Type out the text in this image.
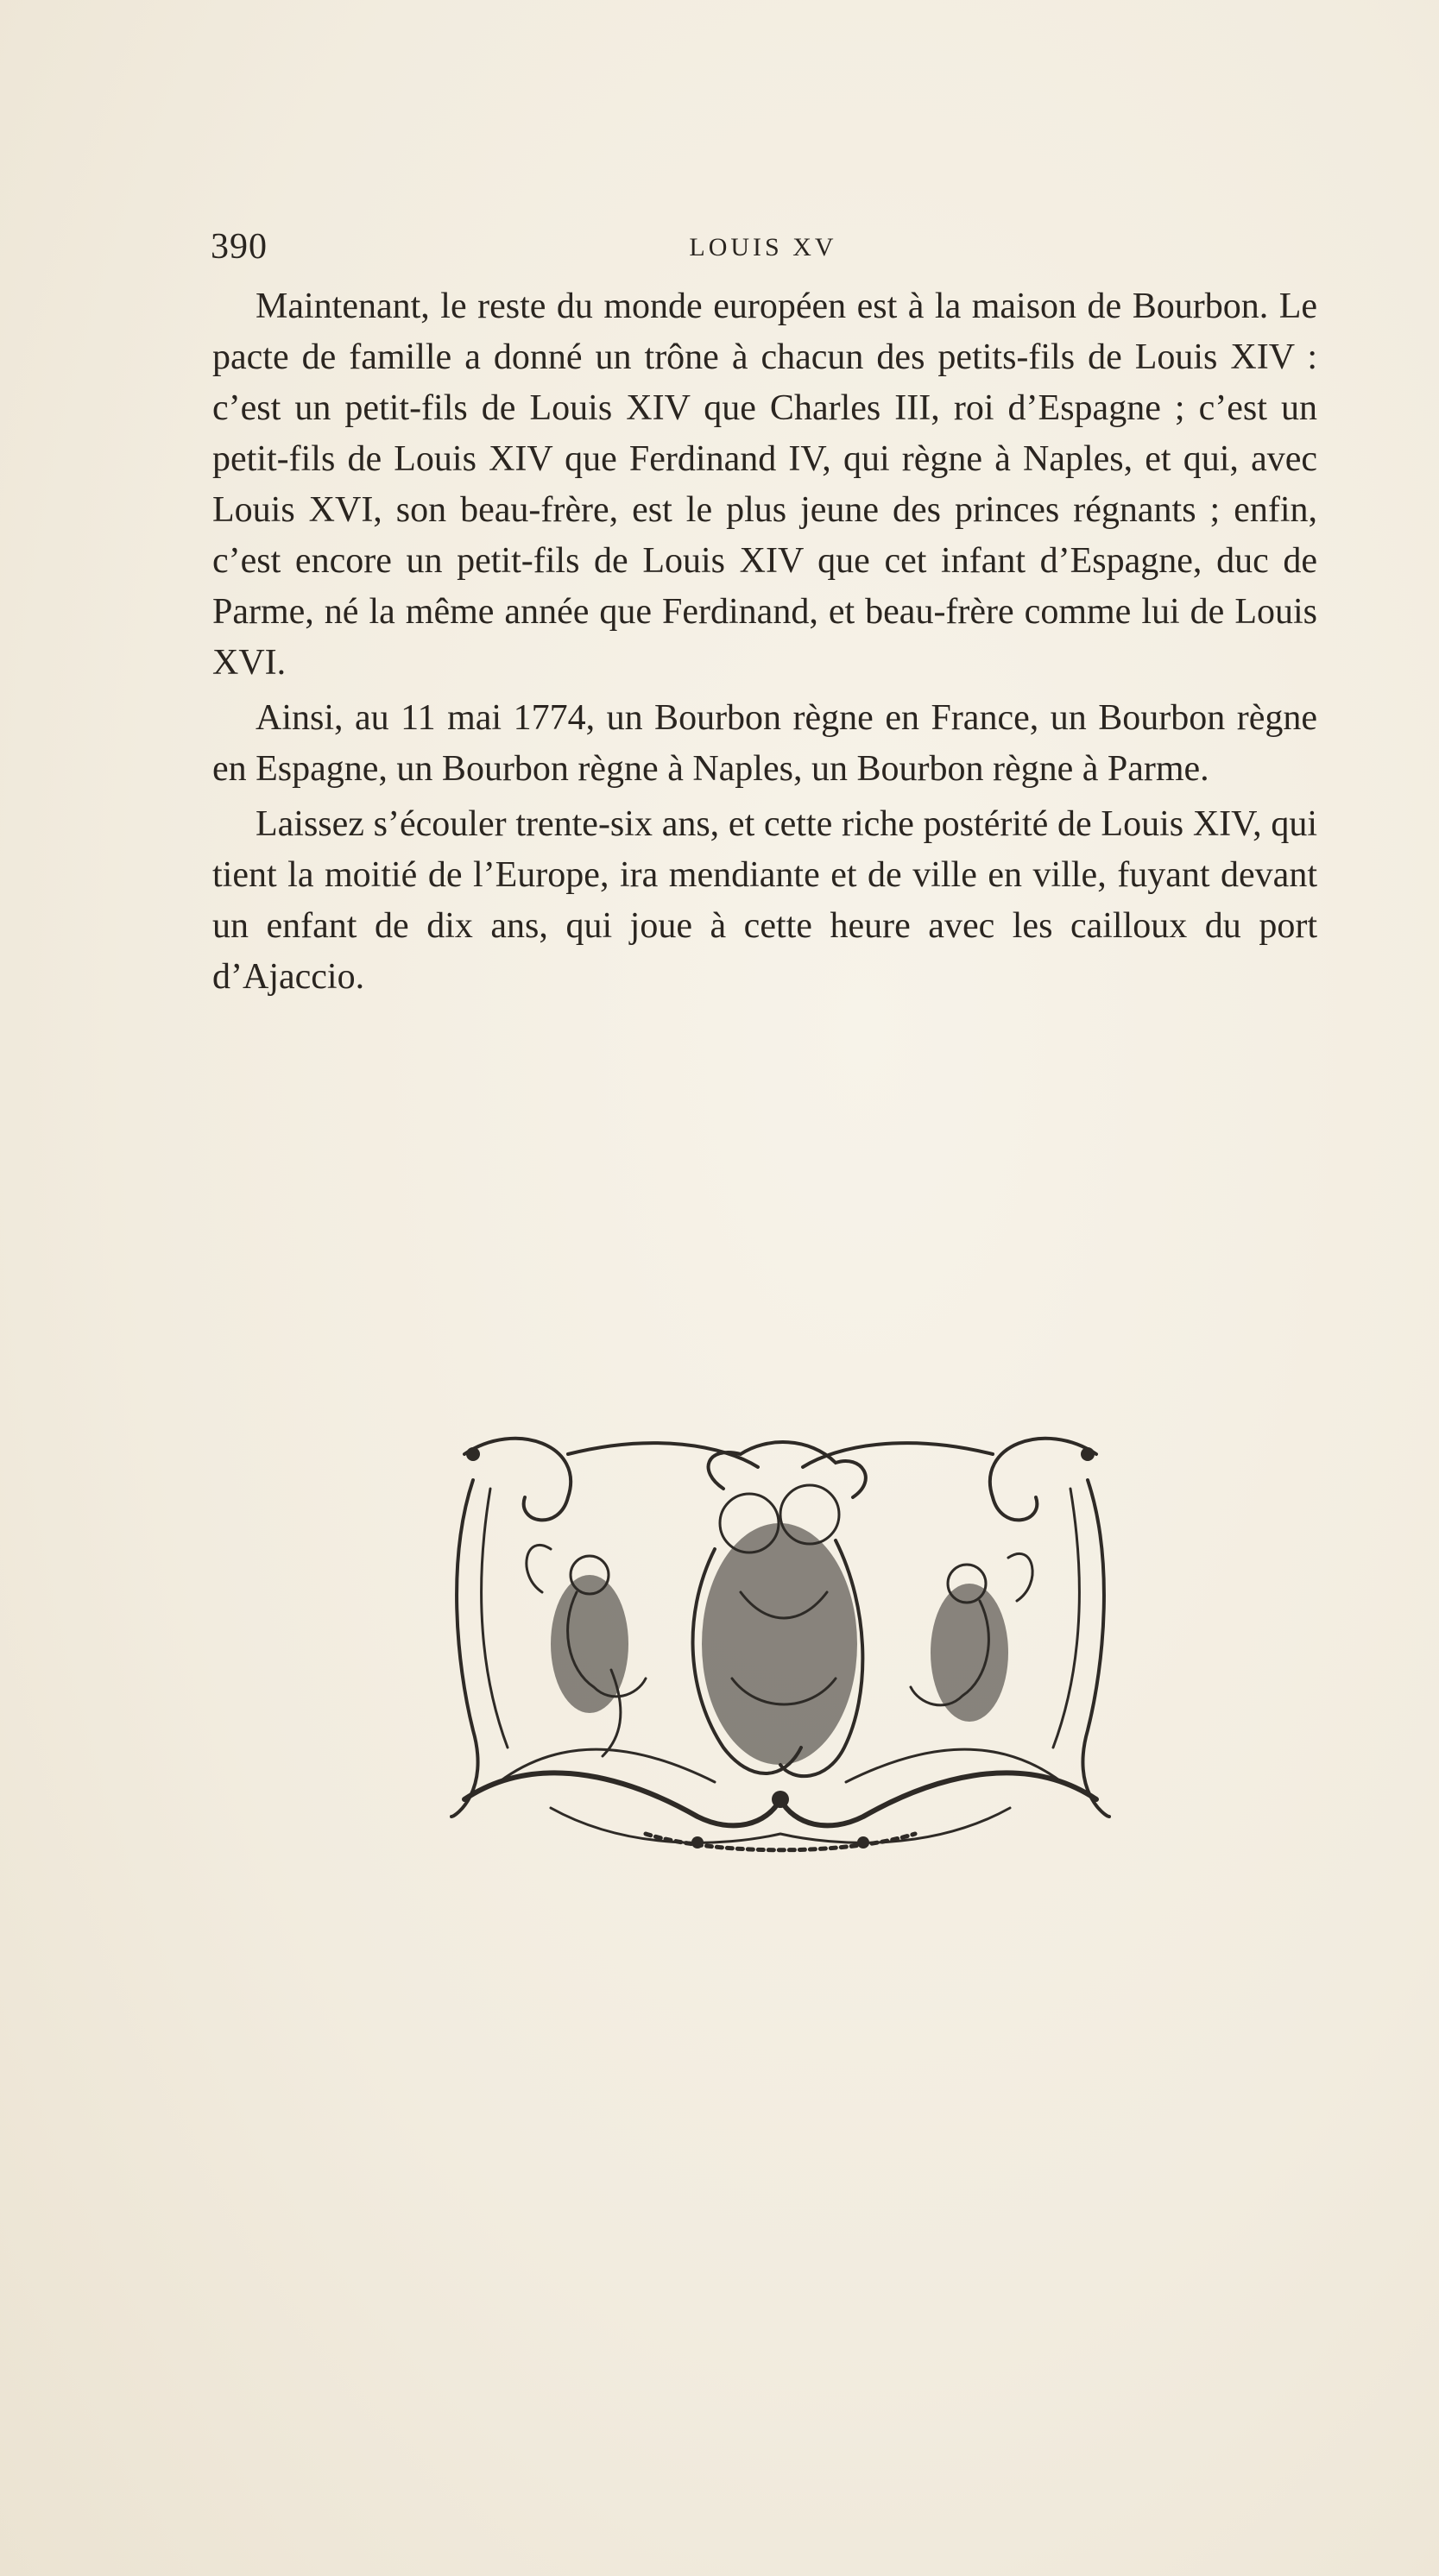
390	LOUIS XV

Maintenant, le reste du monde européen est à la maison de Bourbon. Le pacte de famille a donné un trône à chacun des petits-fils de Louis XIV : c’est un petit-fils de Louis XIV que Charles III, roi d’Espagne ; c’est un petit-fils de Louis XIV que Ferdinand IV, qui règne à Naples, et qui, avec Louis XVI, son beau-frère, est le plus jeune des princes régnants ; enfin, c’est encore un petit-fils de Louis XIV que cet infant d’Espagne, duc de Parme, né la même année que Ferdinand, et beau-frère comme lui de Louis XVI.

Ainsi, au 11 mai 1774, un Bourbon règne en France, un Bourbon règne en Espagne, un Bourbon règne à Naples, un Bourbon règne à Parme.

Laissez s’écouler trente-six ans, et cette riche postérité de Louis XIV, qui tient la moitié de l’Europe, ira mendiante et de ville en ville, fuyant devant un enfant de dix ans, qui joue à cette heure avec les cailloux du port d’Ajaccio.
